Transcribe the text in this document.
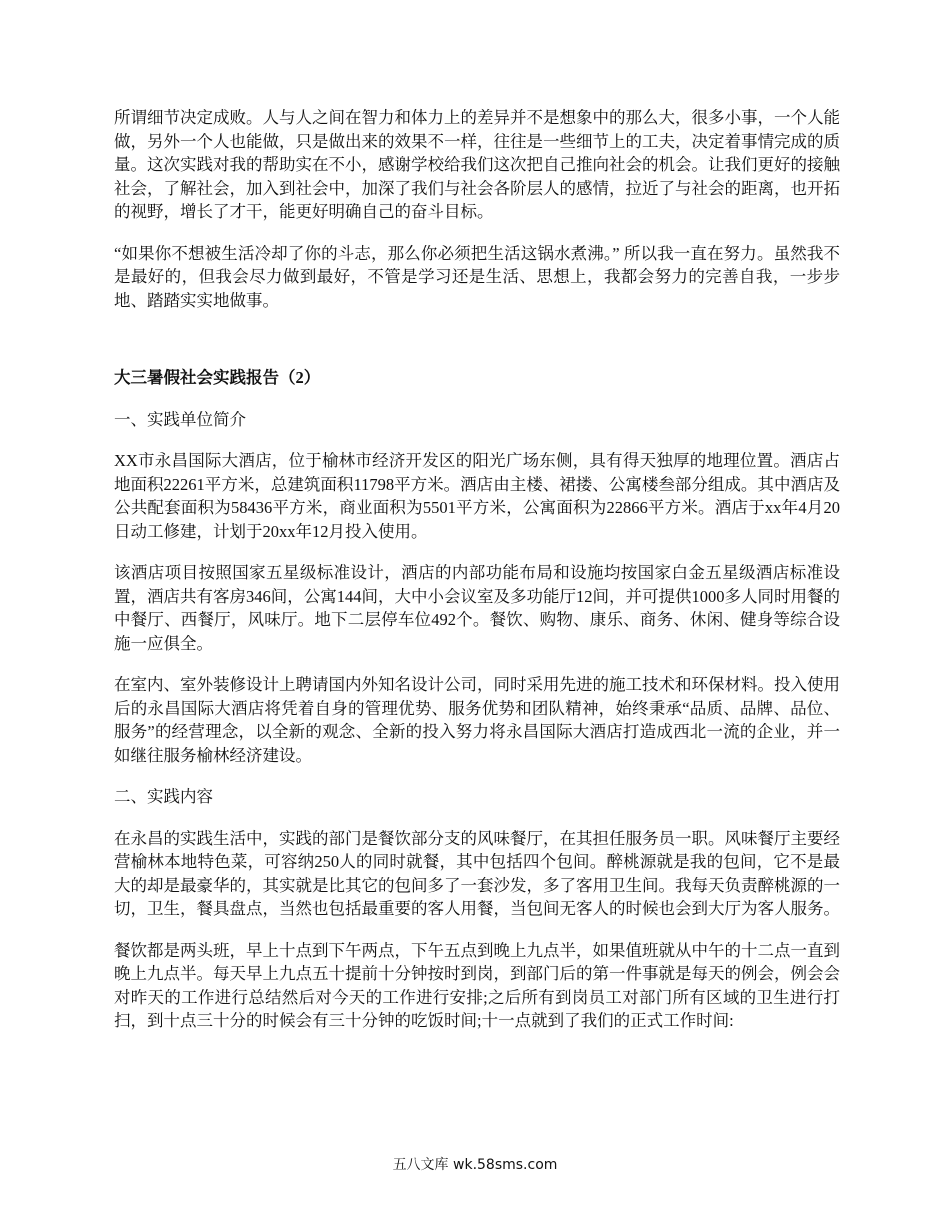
所谓细节决定成败。人与人之间在智力和体力上的差异并不是想象中的那么大，很多小事，一个人能做，另外一个人也能做，只是做出来的效果不一样，往往是一些细节上的工夫，决定着事情完成的质量。这次实践对我的帮助实在不小，感谢学校给我们这次把自己推向社会的机会。让我们更好的接触社会，了解社会，加入到社会中，加深了我们与社会各阶层人的感情，拉近了与社会的距离，也开拓的视野，增长了才干，能更好明确自己的奋斗目标。

“如果你不想被生活冷却了你的斗志，那么你必须把生活这锅水煮沸。” 所以我一直在努力。虽然我不是最好的，但我会尽力做到最好，不管是学习还是生活、思想上，我都会努力的完善自我，一步步地、踏踏实实地做事。

大三暑假社会实践报告（2）

一、实践单位简介

XX市永昌国际大酒店，位于榆林市经济开发区的阳光广场东侧，具有得天独厚的地理位置。酒店占地面积22261平方米，总建筑面积11798平方米。酒店由主楼、裙搂、公寓楼叁部分组成。其中酒店及公共配套面积为58436平方米，商业面积为5501平方米，公寓面积为22866平方米。酒店于xx年4月20日动工修建，计划于20xx年12月投入使用。

该酒店项目按照国家五星级标准设计，酒店的内部功能布局和设施均按国家白金五星级酒店标准设置，酒店共有客房346间，公寓144间，大中小会议室及多功能厅12间，并可提供1000多人同时用餐的中餐厅、西餐厅，风味厅。地下二层停车位492个。餐饮、购物、康乐、商务、休闲、健身等综合设施一应俱全。

在室内、室外装修设计上聘请国内外知名设计公司，同时采用先进的施工技术和环保材料。投入使用后的永昌国际大酒店将凭着自身的管理优势、服务优势和团队精神，始终秉承“品质、品牌、品位、服务”的经营理念，以全新的观念、全新的投入努力将永昌国际大酒店打造成西北一流的企业，并一如继往服务榆林经济建设。

二、实践内容

在永昌的实践生活中，实践的部门是餐饮部分支的风味餐厅，在其担任服务员一职。风味餐厅主要经营榆林本地特色菜，可容纳250人的同时就餐，其中包括四个包间。醉桃源就是我的包间，它不是最大的却是最豪华的，其实就是比其它的包间多了一套沙发，多了客用卫生间。我每天负责醉桃源的一切，卫生，餐具盘点，当然也包括最重要的客人用餐，当包间无客人的时候也会到大厅为客人服务。

餐饮都是两头班，早上十点到下午两点，下午五点到晚上九点半，如果值班就从中午的十二点一直到晚上九点半。每天早上九点五十提前十分钟按时到岗，到部门后的第一件事就是每天的例会，例会会对昨天的工作进行总结然后对今天的工作进行安排;之后所有到岗员工对部门所有区域的卫生进行打扫，到十点三十分的时候会有三十分钟的吃饭时间;十一点就到了我们的正式工作时间:

五八文库 wk.58sms.com
